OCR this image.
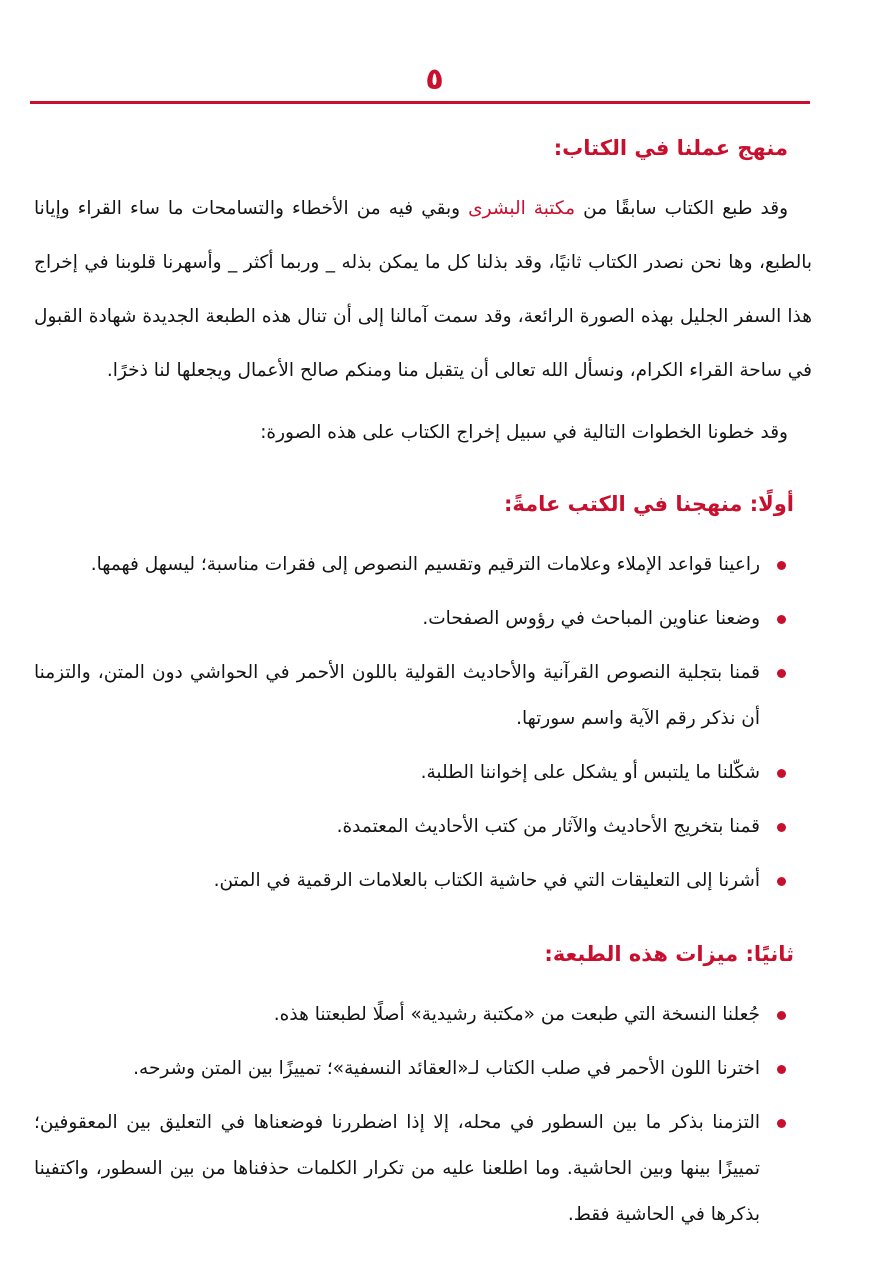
٥
منهج عملنا في الكتاب:

وقد طبع الكتاب سابقًا من مكتبة البشرى وبقي فيه من الأخطاء والتسامحات ما ساء القراء وإيانا بالطبع، وها نحن نصدر الكتاب ثانيًا، وقد بذلنا كل ما يمكن بذله _ وربما أكثر _ وأسهرنا قلوبنا في إخراج هذا السفر الجليل بهذه الصورة الرائعة، وقد سمت آمالنا إلى أن تنال هذه الطبعة الجديدة شهادة القبول في ساحة القراء الكرام، ونسأل الله تعالى أن يتقبل منا ومنكم صالح الأعمال ويجعلها لنا ذخرًا.

وقد خطونا الخطوات التالية في سبيل إخراج الكتاب على هذه الصورة:

أولًا: منهجنا في الكتب عامةً:
راعينا قواعد الإملاء وعلامات الترقيم وتقسيم النصوص إلى فقرات مناسبة؛ ليسهل فهمها.
وضعنا عناوين المباحث في رؤوس الصفحات.
قمنا بتجلية النصوص القرآنية والأحاديث القولية باللون الأحمر في الحواشي دون المتن، والتزمنا أن نذكر رقم الآية واسم سورتها.
شكّلنا ما يلتبس أو يشكل على إخواننا الطلبة.
قمنا بتخريج الأحاديث والآثار من كتب الأحاديث المعتمدة.
أشرنا إلى التعليقات التي في حاشية الكتاب بالعلامات الرقمية في المتن.
ثانيًا: ميزات هذه الطبعة:
جُعلنا النسخة التي طبعت من «مكتبة رشيدية» أصلًا لطبعتنا هذه.
اخترنا اللون الأحمر في صلب الكتاب لـ«العقائد النسفية»؛ تمييزًا بين المتن وشرحه.
التزمنا بذكر ما بين السطور في محله، إلا إذا اضطررنا فوضعناها في التعليق بين المعقوفين؛ تمييزًا بينها وبين الحاشية. وما اطلعنا عليه من تكرار الكلمات حذفناها من بين السطور، واكتفينا بذكرها في الحاشية فقط.
